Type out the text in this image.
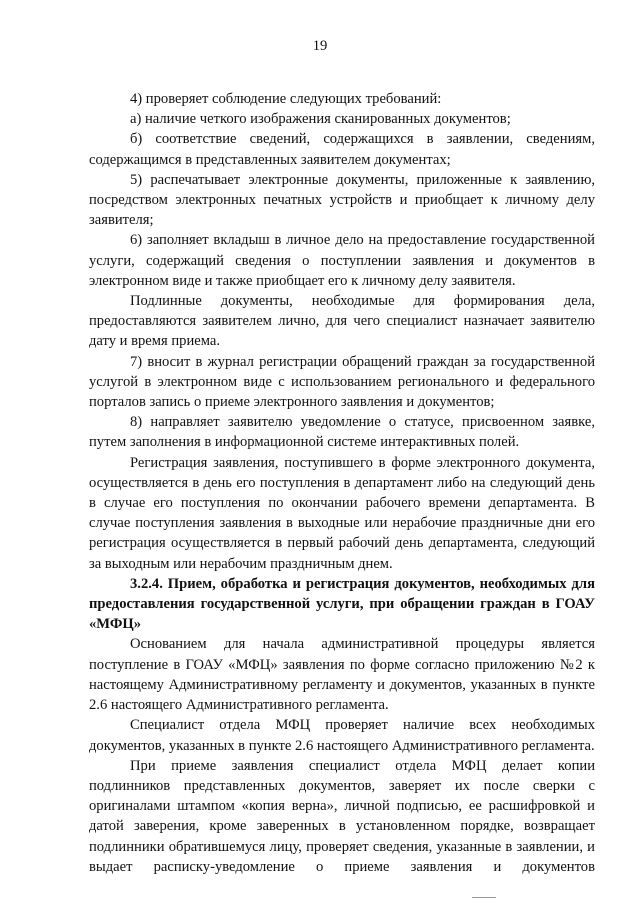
19

4) проверяет соблюдение следующих требований:

а) наличие четкого изображения сканированных документов;

б) соответствие сведений, содержащихся в заявлении, сведениям, содержащимся в представленных заявителем документах;

5) распечатывает электронные документы, приложенные к заявлению, посредством электронных печатных устройств и приобщает к личному делу заявителя;

6) заполняет вкладыш в личное дело на предоставление государственной услуги, содержащий сведения о поступлении заявления и документов в электронном виде и также приобщает его к личному делу заявителя.

Подлинные документы, необходимые для формирования дела, предоставляются заявителем лично, для чего специалист назначает заявителю дату и время приема.

7) вносит в журнал регистрации обращений граждан за государственной услугой в электронном виде с использованием регионального и федерального порталов запись о приеме электронного заявления и документов;

8) направляет заявителю уведомление о статусе, присвоенном заявке, путем заполнения в информационной системе интерактивных полей.

Регистрация заявления, поступившего в форме электронного документа, осуществляется в день его поступления в департамент либо на следующий день в случае его поступления по окончании рабочего времени департамента. В случае поступления заявления в выходные или нерабочие праздничные дни его регистрация осуществляется в первый рабочий день департамента, следующий за выходным или нерабочим праздничным днем.

3.2.4. Прием, обработка и регистрация документов, необходимых для предоставления государственной услуги, при обращении граждан в ГОАУ «МФЦ»

Основанием для начала административной процедуры является поступление в ГОАУ «МФЦ» заявления по форме согласно приложению №2 к настоящему Административному регламенту и документов, указанных в пункте 2.6 настоящего Административного регламента.

Специалист отдела МФЦ проверяет наличие всех необходимых документов, указанных в пункте 2.6 настоящего Административного регламента.

При приеме заявления специалист отдела МФЦ делает копии подлинников представленных документов, заверяет их после сверки с оригиналами штампом «копия верна», личной подписью, ее расшифровкой и датой заверения, кроме заверенных в установленном порядке, возвращает подлинники обратившемуся лицу, проверяет сведения, указанные в заявлении, и выдает расписку-уведомление о приеме заявления и документов
